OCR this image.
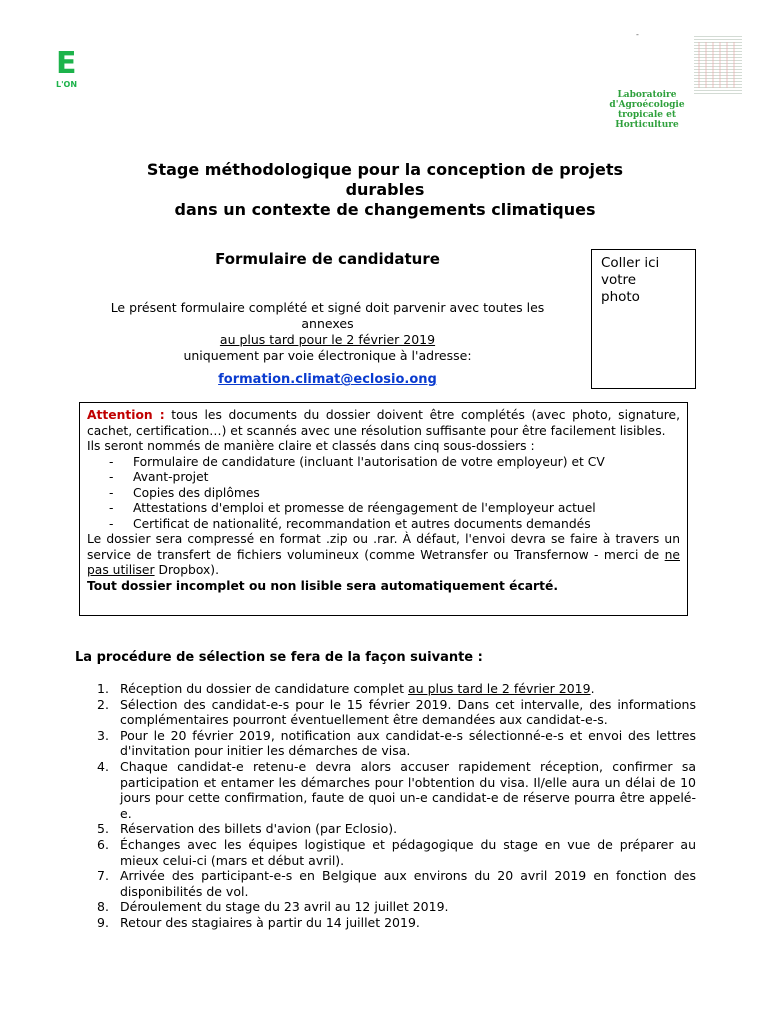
E
L'ON
-
Laboratoire
d'Agroécologie
tropicale et
Horticulture
Stage méthodologique pour la conception de projets
durables
dans un contexte de changements climatiques
Formulaire de candidature
Le présent formulaire complété et signé doit parvenir avec toutes les
annexes
au plus tard pour le 2 février 2019
uniquement par voie électronique à l'adresse:
formation.climat@eclosio.ong
Coller ici
votre
photo
Attention : tous les documents du dossier doivent être complétés (avec photo, signature, cachet, certification…) et scannés avec une résolution suffisante pour être facilement lisibles.
Ils seront nommés de manière claire et classés dans cinq sous-dossiers :
- Formulaire de candidature (incluant l'autorisation de votre employeur) et CV
- Avant-projet
- Copies des diplômes
- Attestations d'emploi et promesse de réengagement de l'employeur actuel
- Certificat de nationalité, recommandation et autres documents demandés
Le dossier sera compressé en format .zip ou .rar. À défaut, l'envoi devra se faire à travers un service de transfert de fichiers volumineux (comme Wetransfer ou Transfernow - merci de ne pas utiliser Dropbox).
Tout dossier incomplet ou non lisible sera automatiquement écarté.
La procédure de sélection se fera de la façon suivante :
1. Réception du dossier de candidature complet au plus tard le 2 février 2019.
2. Sélection des candidat-e-s pour le 15 février 2019. Dans cet intervalle, des informations complémentaires pourront éventuellement être demandées aux candidat-e-s.
3. Pour le 20 février 2019, notification aux candidat-e-s sélectionné-e-s et envoi des lettres d'invitation pour initier les démarches de visa.
4. Chaque candidat-e retenu-e devra alors accuser rapidement réception, confirmer sa participation et entamer les démarches pour l'obtention du visa. Il/elle aura un délai de 10 jours pour cette confirmation, faute de quoi un-e candidat-e de réserve pourra être appelé-e.
5. Réservation des billets d'avion (par Eclosio).
6. Échanges avec les équipes logistique et pédagogique du stage en vue de préparer au mieux celui-ci (mars et début avril).
7. Arrivée des participant-e-s en Belgique aux environs du 20 avril 2019 en fonction des disponibilités de vol.
8. Déroulement du stage du 23 avril au 12 juillet 2019.
9. Retour des stagiaires à partir du 14 juillet 2019.
